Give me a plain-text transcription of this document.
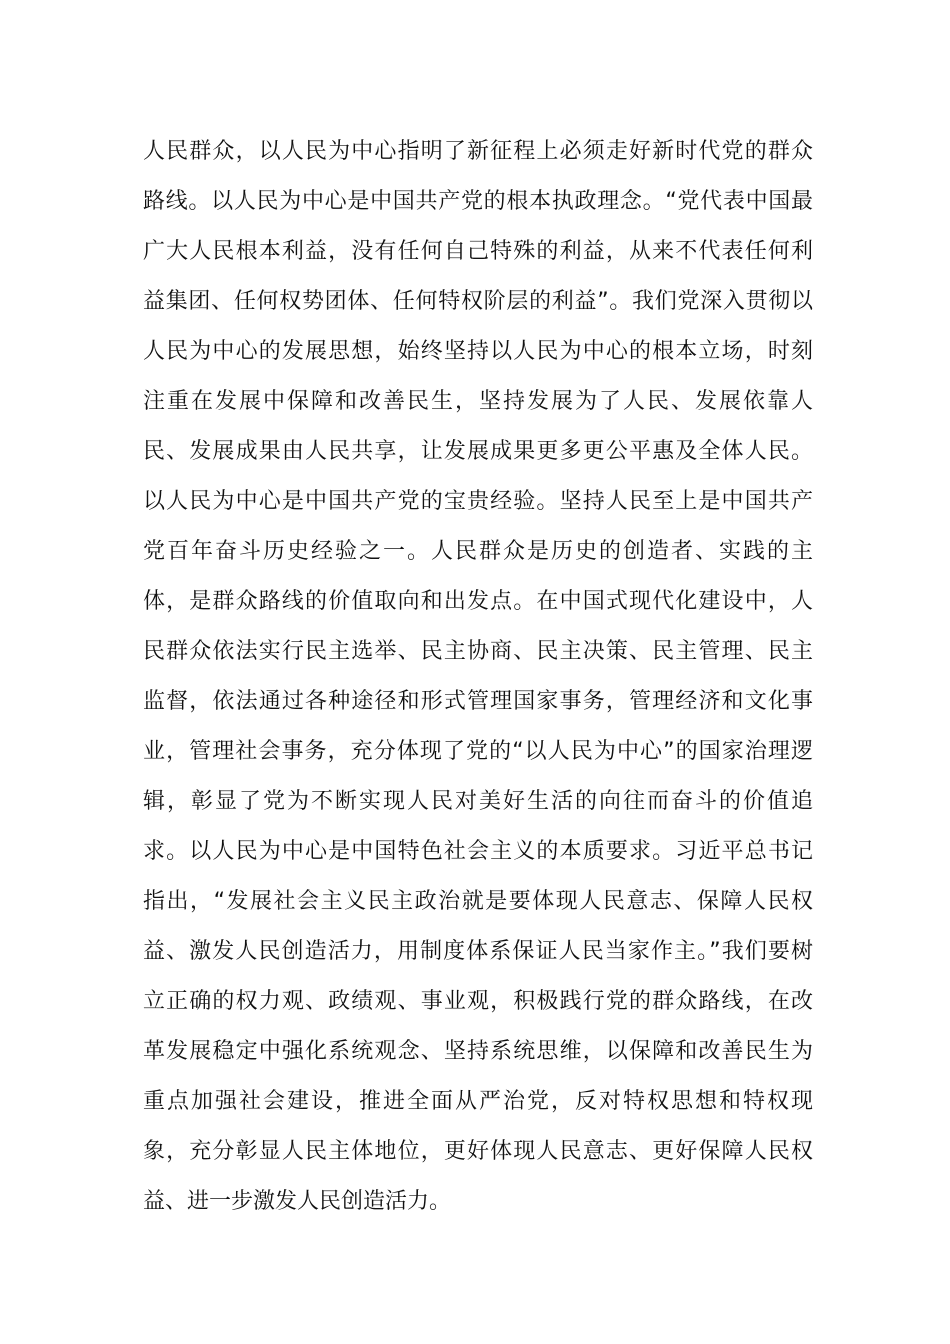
人民群众，以人民为中心指明了新征程上必须走好新时代党的群众
路线。以人民为中心是中国共产党的根本执政理念。“党代表中国最
广大人民根本利益，没有任何自己特殊的利益，从来不代表任何利
益集团、任何权势团体、任何特权阶层的利益”。我们党深入贯彻以
人民为中心的发展思想，始终坚持以人民为中心的根本立场，时刻
注重在发展中保障和改善民生，坚持发展为了人民、发展依靠人
民、发展成果由人民共享，让发展成果更多更公平惠及全体人民。
以人民为中心是中国共产党的宝贵经验。坚持人民至上是中国共产
党百年奋斗历史经验之一。人民群众是历史的创造者、实践的主
体，是群众路线的价值取向和出发点。在中国式现代化建设中，人
民群众依法实行民主选举、民主协商、民主决策、民主管理、民主
监督，依法通过各种途径和形式管理国家事务，管理经济和文化事
业，管理社会事务，充分体现了党的“以人民为中心”的国家治理逻
辑，彰显了党为不断实现人民对美好生活的向往而奋斗的价值追
求。以人民为中心是中国特色社会主义的本质要求。习近平总书记
指出，“发展社会主义民主政治就是要体现人民意志、保障人民权
益、激发人民创造活力，用制度体系保证人民当家作主。”我们要树
立正确的权力观、政绩观、事业观，积极践行党的群众路线，在改
革发展稳定中强化系统观念、坚持系统思维，以保障和改善民生为
重点加强社会建设，推进全面从严治党，反对特权思想和特权现
象，充分彰显人民主体地位，更好体现人民意志、更好保障人民权
益、进一步激发人民创造活力。
